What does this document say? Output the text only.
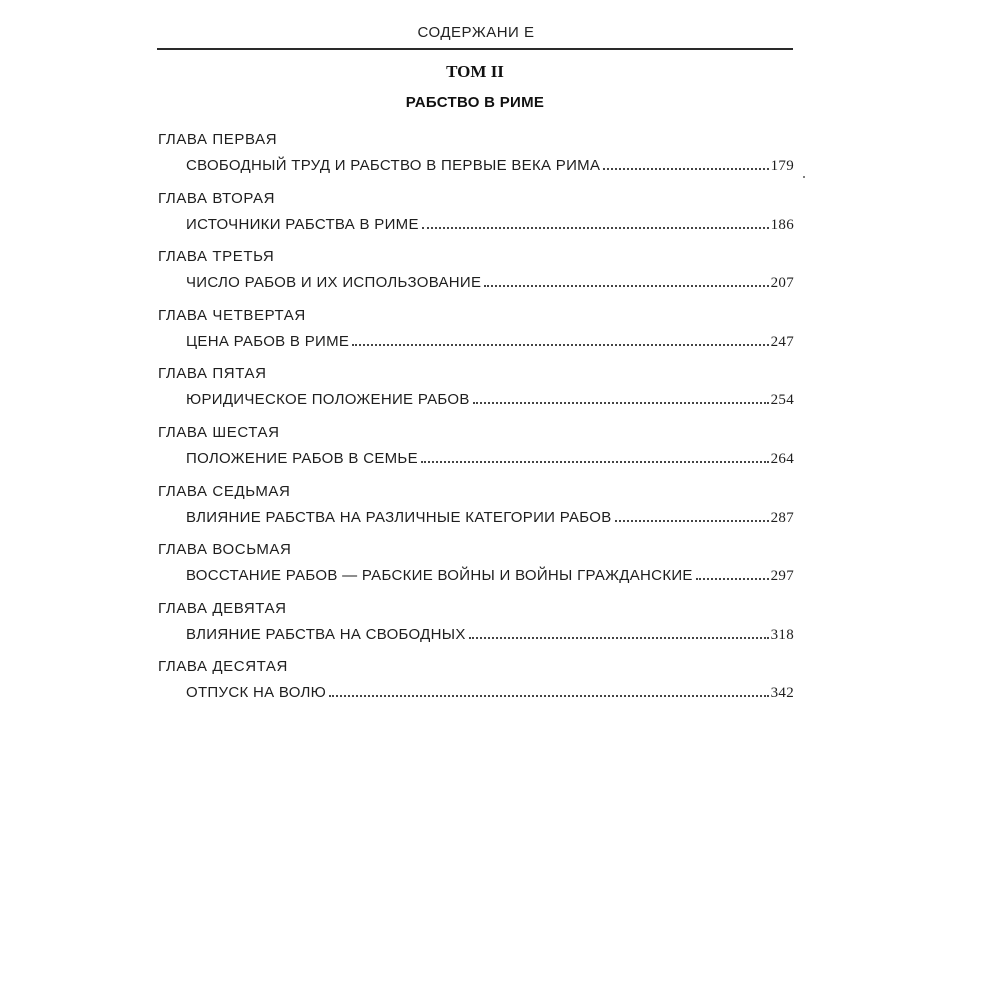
СОДЕРЖАНИ Е
ТОМ II
РАБСТВО В РИМЕ
ГЛАВА ПЕРВАЯ
СВОБОДНЫЙ ТРУД И РАБСТВО В ПЕРВЫЕ ВЕКА РИМА	179
ГЛАВА ВТОРАЯ
ИСТОЧНИКИ РАБСТВА В РИМЕ	186
ГЛАВА ТРЕТЬЯ
ЧИСЛО РАБОВ И ИХ ИСПОЛЬЗОВАНИЕ	207
ГЛАВА ЧЕТВЕРТАЯ
ЦЕНА РАБОВ В РИМЕ	247
ГЛАВА ПЯТАЯ
ЮРИДИЧЕСКОЕ ПОЛОЖЕНИЕ РАБОВ	254
ГЛАВА ШЕСТАЯ
ПОЛОЖЕНИЕ РАБОВ В СЕМЬЕ	264
ГЛАВА СЕДЬМАЯ
ВЛИЯНИЕ РАБСТВА НА РАЗЛИЧНЫЕ КАТЕГОРИИ РАБОВ	287
ГЛАВА ВОСЬМАЯ
ВОССТАНИЕ РАБОВ — РАБСКИЕ ВОЙНЫ И ВОЙНЫ ГРАЖДАНСКИЕ	297
ГЛАВА ДЕВЯТАЯ
ВЛИЯНИЕ РАБСТВА НА СВОБОДНЫХ	318
ГЛАВА ДЕСЯТАЯ
ОТПУСК НА ВОЛЮ	342
